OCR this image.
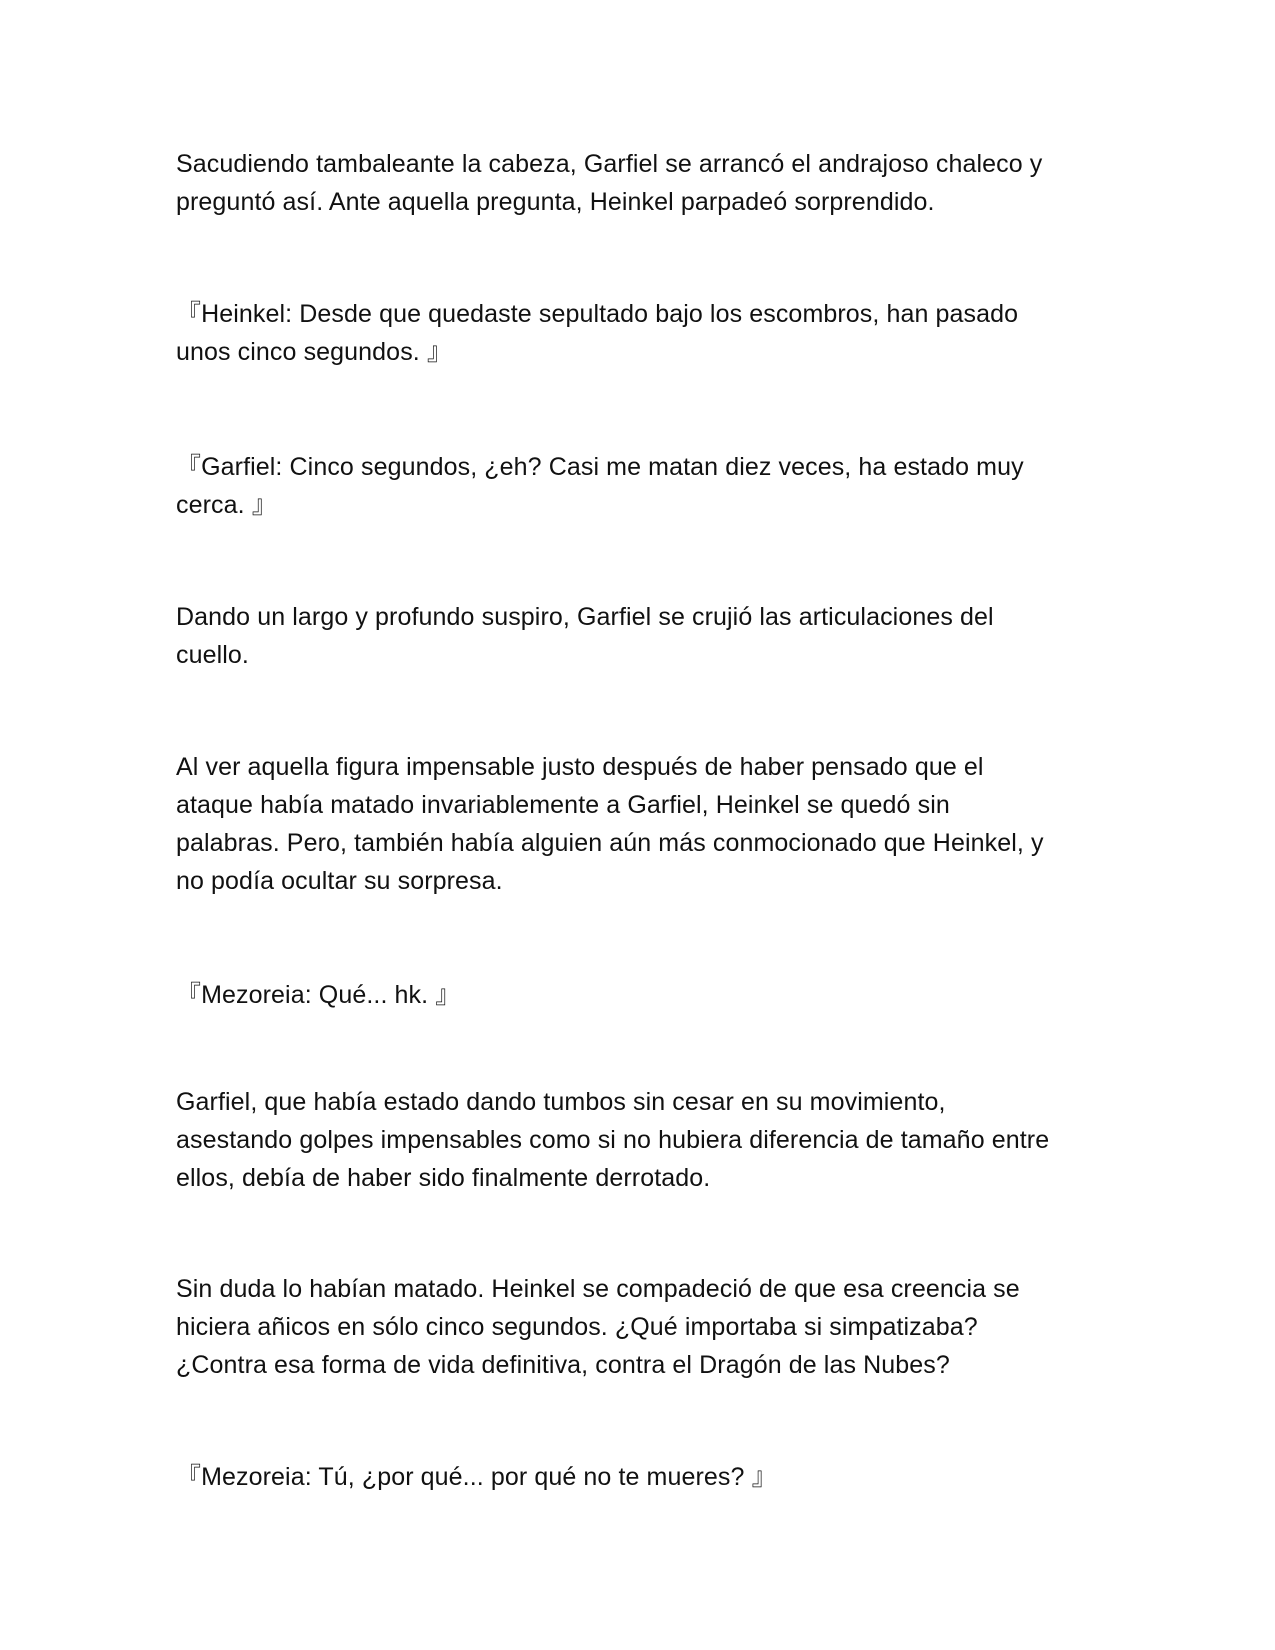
Sacudiendo tambaleante la cabeza, Garfiel se arrancó el andrajoso chaleco y
preguntó así. Ante aquella pregunta, Heinkel parpadeó sorprendido.

『Heinkel: Desde que quedaste sepultado bajo los escombros, han pasado
unos cinco segundos. 』

『Garfiel: Cinco segundos, ¿eh? Casi me matan diez veces, ha estado muy
cerca. 』

Dando un largo y profundo suspiro, Garfiel se crujió las articulaciones del
cuello.

Al ver aquella figura impensable justo después de haber pensado que el
ataque había matado invariablemente a Garfiel, Heinkel se quedó sin
palabras. Pero, también había alguien aún más conmocionado que Heinkel, y
no podía ocultar su sorpresa.

『Mezoreia: Qué... hk. 』

Garfiel, que había estado dando tumbos sin cesar en su movimiento,
asestando golpes impensables como si no hubiera diferencia de tamaño entre
ellos, debía de haber sido finalmente derrotado.

Sin duda lo habían matado. Heinkel se compadeció de que esa creencia se
hiciera añicos en sólo cinco segundos. ¿Qué importaba si simpatizaba?
¿Contra esa forma de vida definitiva, contra el Dragón de las Nubes?

『Mezoreia: Tú, ¿por qué... por qué no te mueres? 』
